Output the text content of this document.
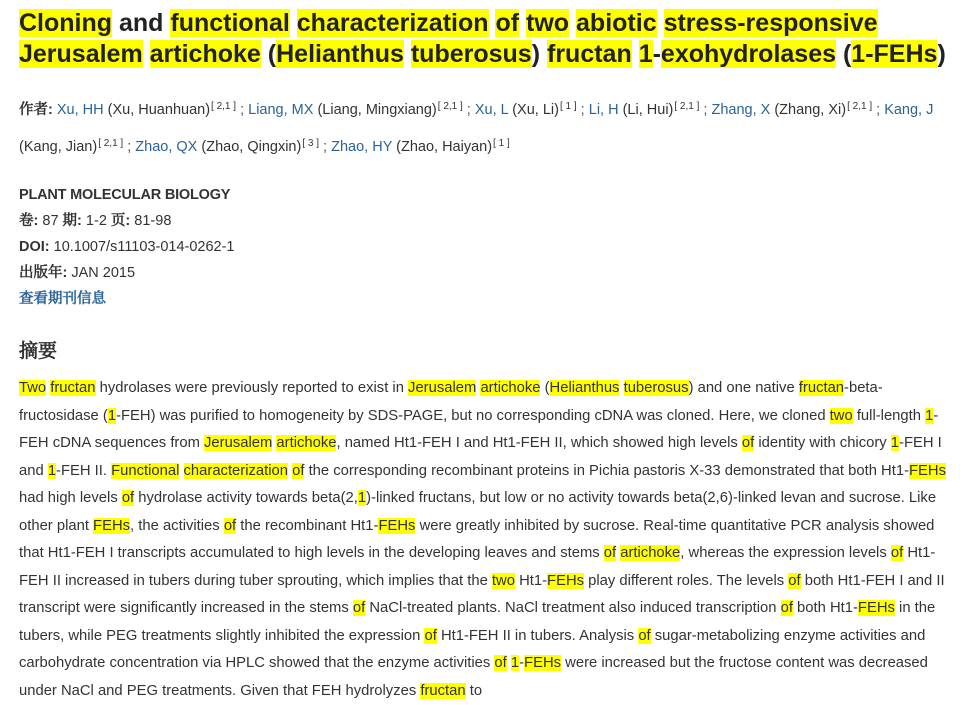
Cloning and functional characterization of two abiotic stress-responsive Jerusalem artichoke (Helianthus tuberosus) fructan 1-exohydrolases (1-FEHs)
作者: Xu, HH (Xu, Huanhuan)[ 2,1 ] ; Liang, MX (Liang, Mingxiang)[ 2,1 ] ; Xu, L (Xu, Li)[ 1 ] ; Li, H (Li, Hui)[ 2,1 ] ; Zhang, X (Zhang, Xi)[ 2,1 ] ; Kang, J (Kang, Jian)[ 2,1 ] ; Zhao, QX (Zhao, Qingxin)[ 3 ] ; Zhao, HY (Zhao, Haiyan)[ 1 ]
PLANT MOLECULAR BIOLOGY
卷: 87 期: 1-2 页: 81-98
DOI: 10.1007/s11103-014-0262-1
出版年: JAN 2015
查看期刊信息
摘要
Two fructan hydrolases were previously reported to exist in Jerusalem artichoke (Helianthus tuberosus) and one native fructan-beta-fructosidase (1-FEH) was purified to homogeneity by SDS-PAGE, but no corresponding cDNA was cloned. Here, we cloned two full-length 1-FEH cDNA sequences from Jerusalem artichoke, named Ht1-FEH I and Ht1-FEH II, which showed high levels of identity with chicory 1-FEH I and 1-FEH II. Functional characterization of the corresponding recombinant proteins in Pichia pastoris X-33 demonstrated that both Ht1-FEHs had high levels of hydrolase activity towards beta(2,1)-linked fructans, but low or no activity towards beta(2,6)-linked levan and sucrose. Like other plant FEHs, the activities of the recombinant Ht1-FEHs were greatly inhibited by sucrose. Real-time quantitative PCR analysis showed that Ht1-FEH I transcripts accumulated to high levels in the developing leaves and stems of artichoke, whereas the expression levels of Ht1-FEH II increased in tubers during tuber sprouting, which implies that the two Ht1-FEHs play different roles. The levels of both Ht1-FEH I and II transcript were significantly increased in the stems of NaCl-treated plants. NaCl treatment also induced transcription of both Ht1-FEHs in the tubers, while PEG treatments slightly inhibited the expression of Ht1-FEH II in tubers. Analysis of sugar-metabolizing enzyme activities and carbohydrate concentration via HPLC showed that the enzyme activities of 1-FEHs were increased but the fructose content was decreased under NaCl and PEG treatments. Given that FEH hydrolyzes fructan to
